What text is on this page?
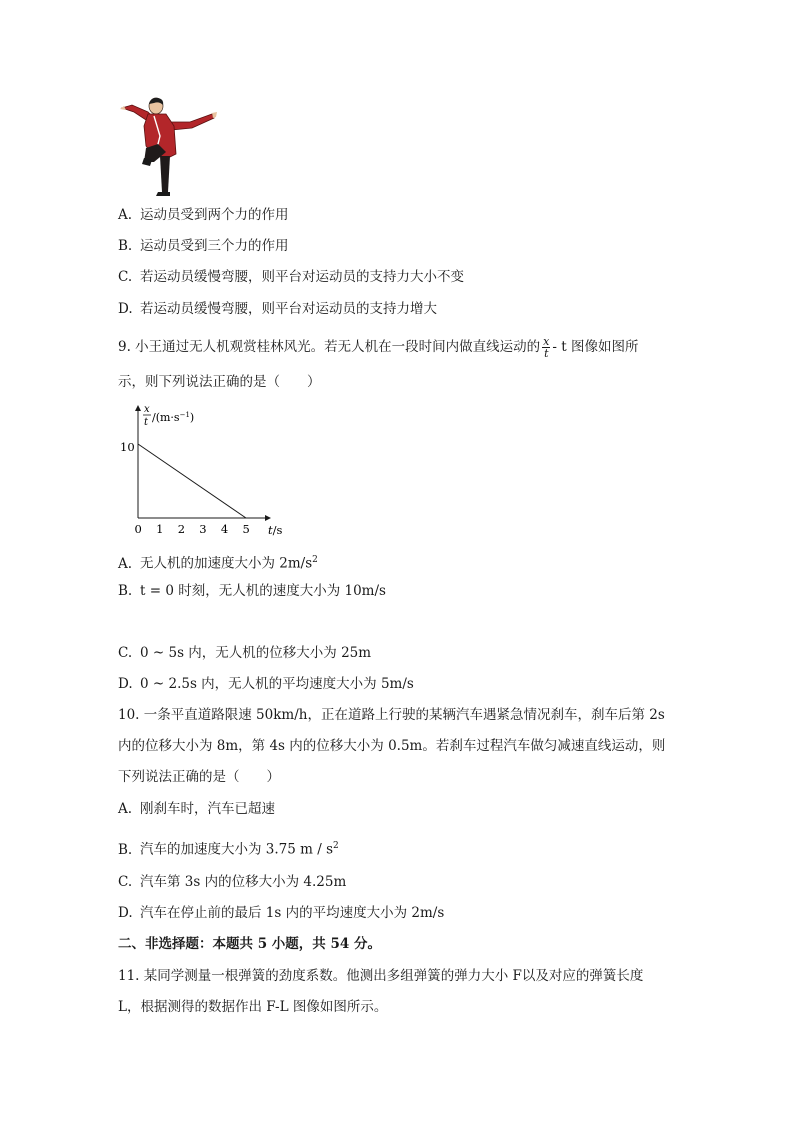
A. 运动员受到两个力的作用
B. 运动员受到三个力的作用
C. 若运动员缓慢弯腰，则平台对运动员的支持力大小不变
D. 若运动员缓慢弯腰，则平台对运动员的支持力增大
9. 小王通过无人机观赏桂林风光。若无人机在一段时间内做直线运动的 $\frac{x}{t}$ - t 图像如图所
示，则下列说法正确的是（　　）
x
t $/(m\cdot s^{-1})$
10
0 1 2 3 4 5 t/s
A. 无人机的加速度大小为 $2m/s^2$
B. t = 0 时刻，无人机的速度大小为 10m/s
C. 0 ~ 5s 内，无人机的位移大小为 25m
D. 0 ~ 2.5s 内，无人机的平均速度大小为 5m/s
10. 一条平直道路限速 50km/h，正在道路上行驶的某辆汽车遇紧急情况刹车，刹车后第 2s
内的位移大小为 8m，第 4s 内的位移大小为 0.5m。若刹车过程汽车做匀减速直线运动，则
下列说法正确的是（　　）
A. 刚刹车时，汽车已超速
B. 汽车的加速度大小为 3.75 m / $s^2$
C. 汽车第 3s 内的位移大小为 4.25m
D. 汽车在停止前的最后 1s 内的平均速度大小为 2m/s
二、非选择题：本题共 5 小题，共 54 分。
11. 某同学测量一根弹簧的劲度系数。他测出多组弹簧的弹力大小 F以及对应的弹簧长度
L，根据测得的数据作出 F-L 图像如图所示。
